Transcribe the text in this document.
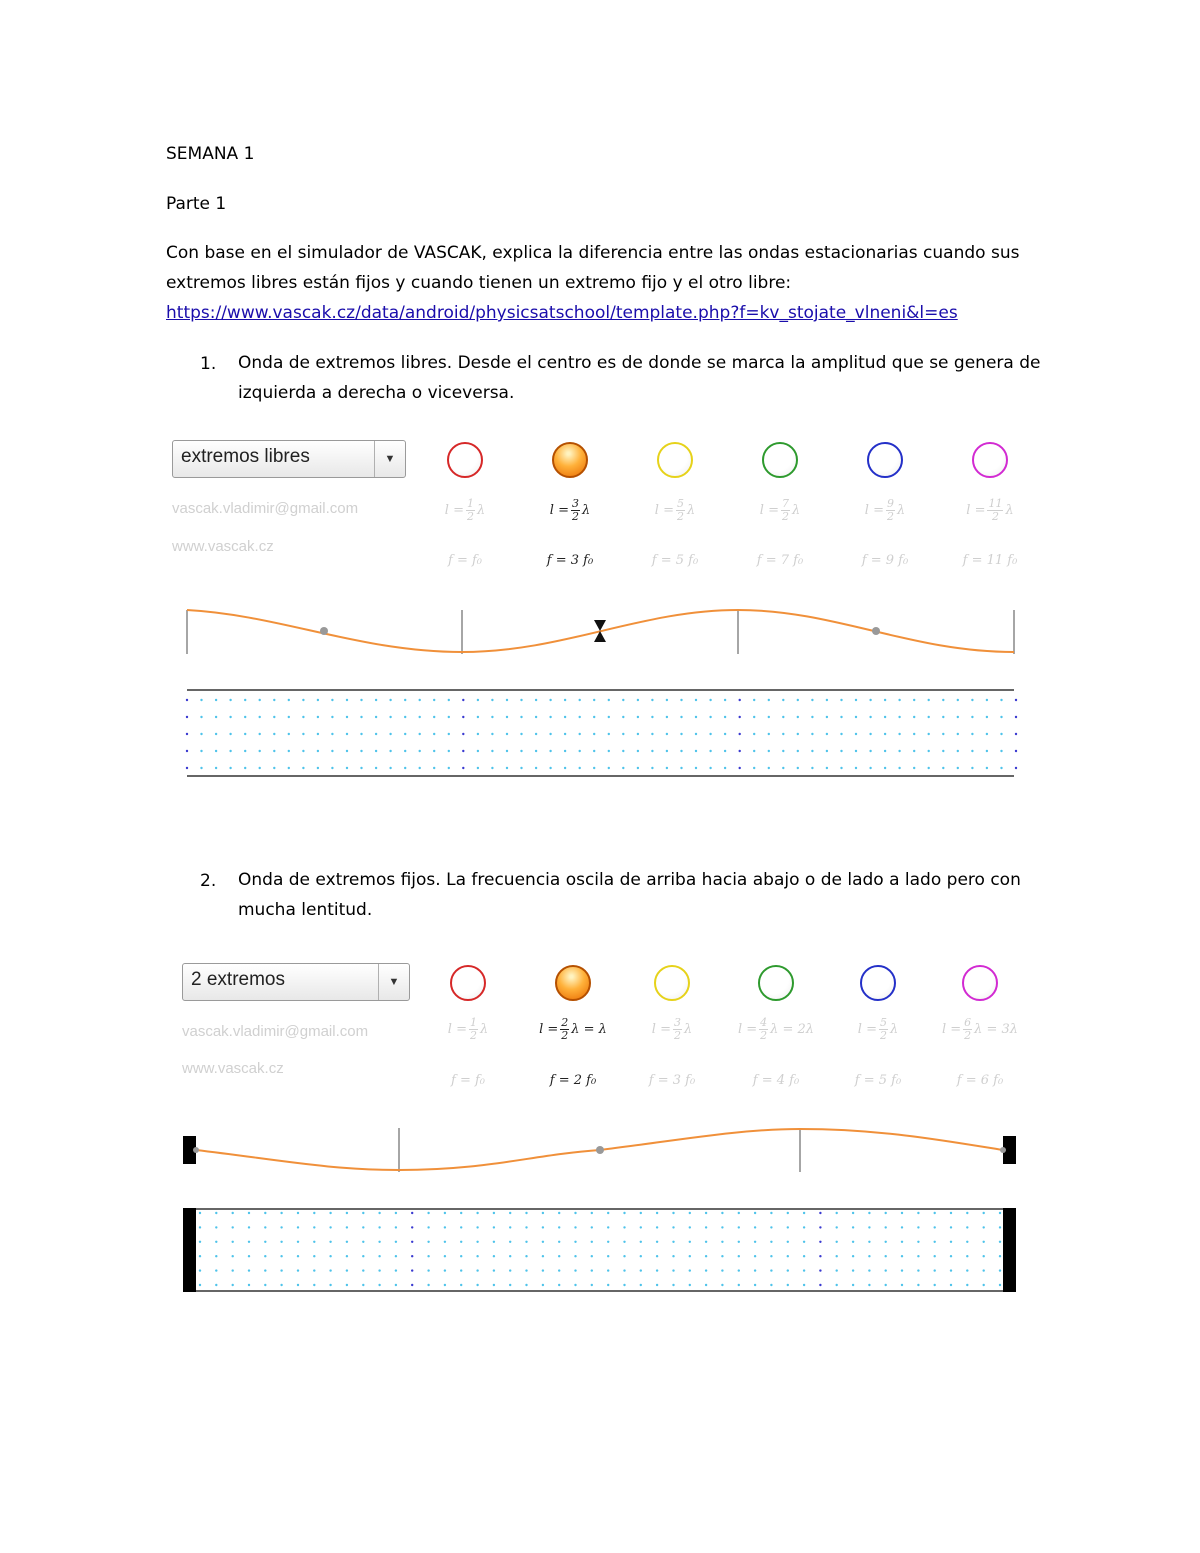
SEMANA 1
Parte 1
Con base en el simulador de VASCAK, explica la diferencia entre las ondas estacionarias cuando sus
extremos libres están fijos y cuando tienen un extremo fijo y el otro libre:
https://www.vascak.cz/data/android/physicsatschool/template.php?f=kv_stojate_vlneni&l=es
1. Onda de extremos libres. Desde el centro es de donde se marca la amplitud que se genera de izquierda a derecha o viceversa.
extremos libres	▼
vascak.vladimir@gmail.com
www.vascak.cz
$l = \frac{1}{2}$ λ
f = f₀
$l = \frac{3}{2}$ λ
f = 3 f₀
$l = \frac{5}{2}$ λ
f = 5 f₀
$l = \frac{7}{2}$ λ
f = 7 f₀
$l = \frac{9}{2}$ λ
f = 9 f₀
$l = \frac{11}{2}$ λ
f = 11 f₀
2. Onda de extremos fijos. La frecuencia oscila de arriba hacia abajo o de lado a lado pero con mucha lentitud.
2 extremos	▼
vascak.vladimir@gmail.com
www.vascak.cz
$l = \frac{1}{2}$ λ
f = f₀
$l = \frac{2}{2}$ λ = λ
f = 2 f₀
$l = \frac{3}{2}$ λ
f = 3 f₀
$l = \frac{4}{2}$ λ = 2λ
f = 4 f₀
$l = \frac{5}{2}$ λ
f = 5 f₀
$l = \frac{6}{2}$ λ = 3λ
f = 6 f₀
